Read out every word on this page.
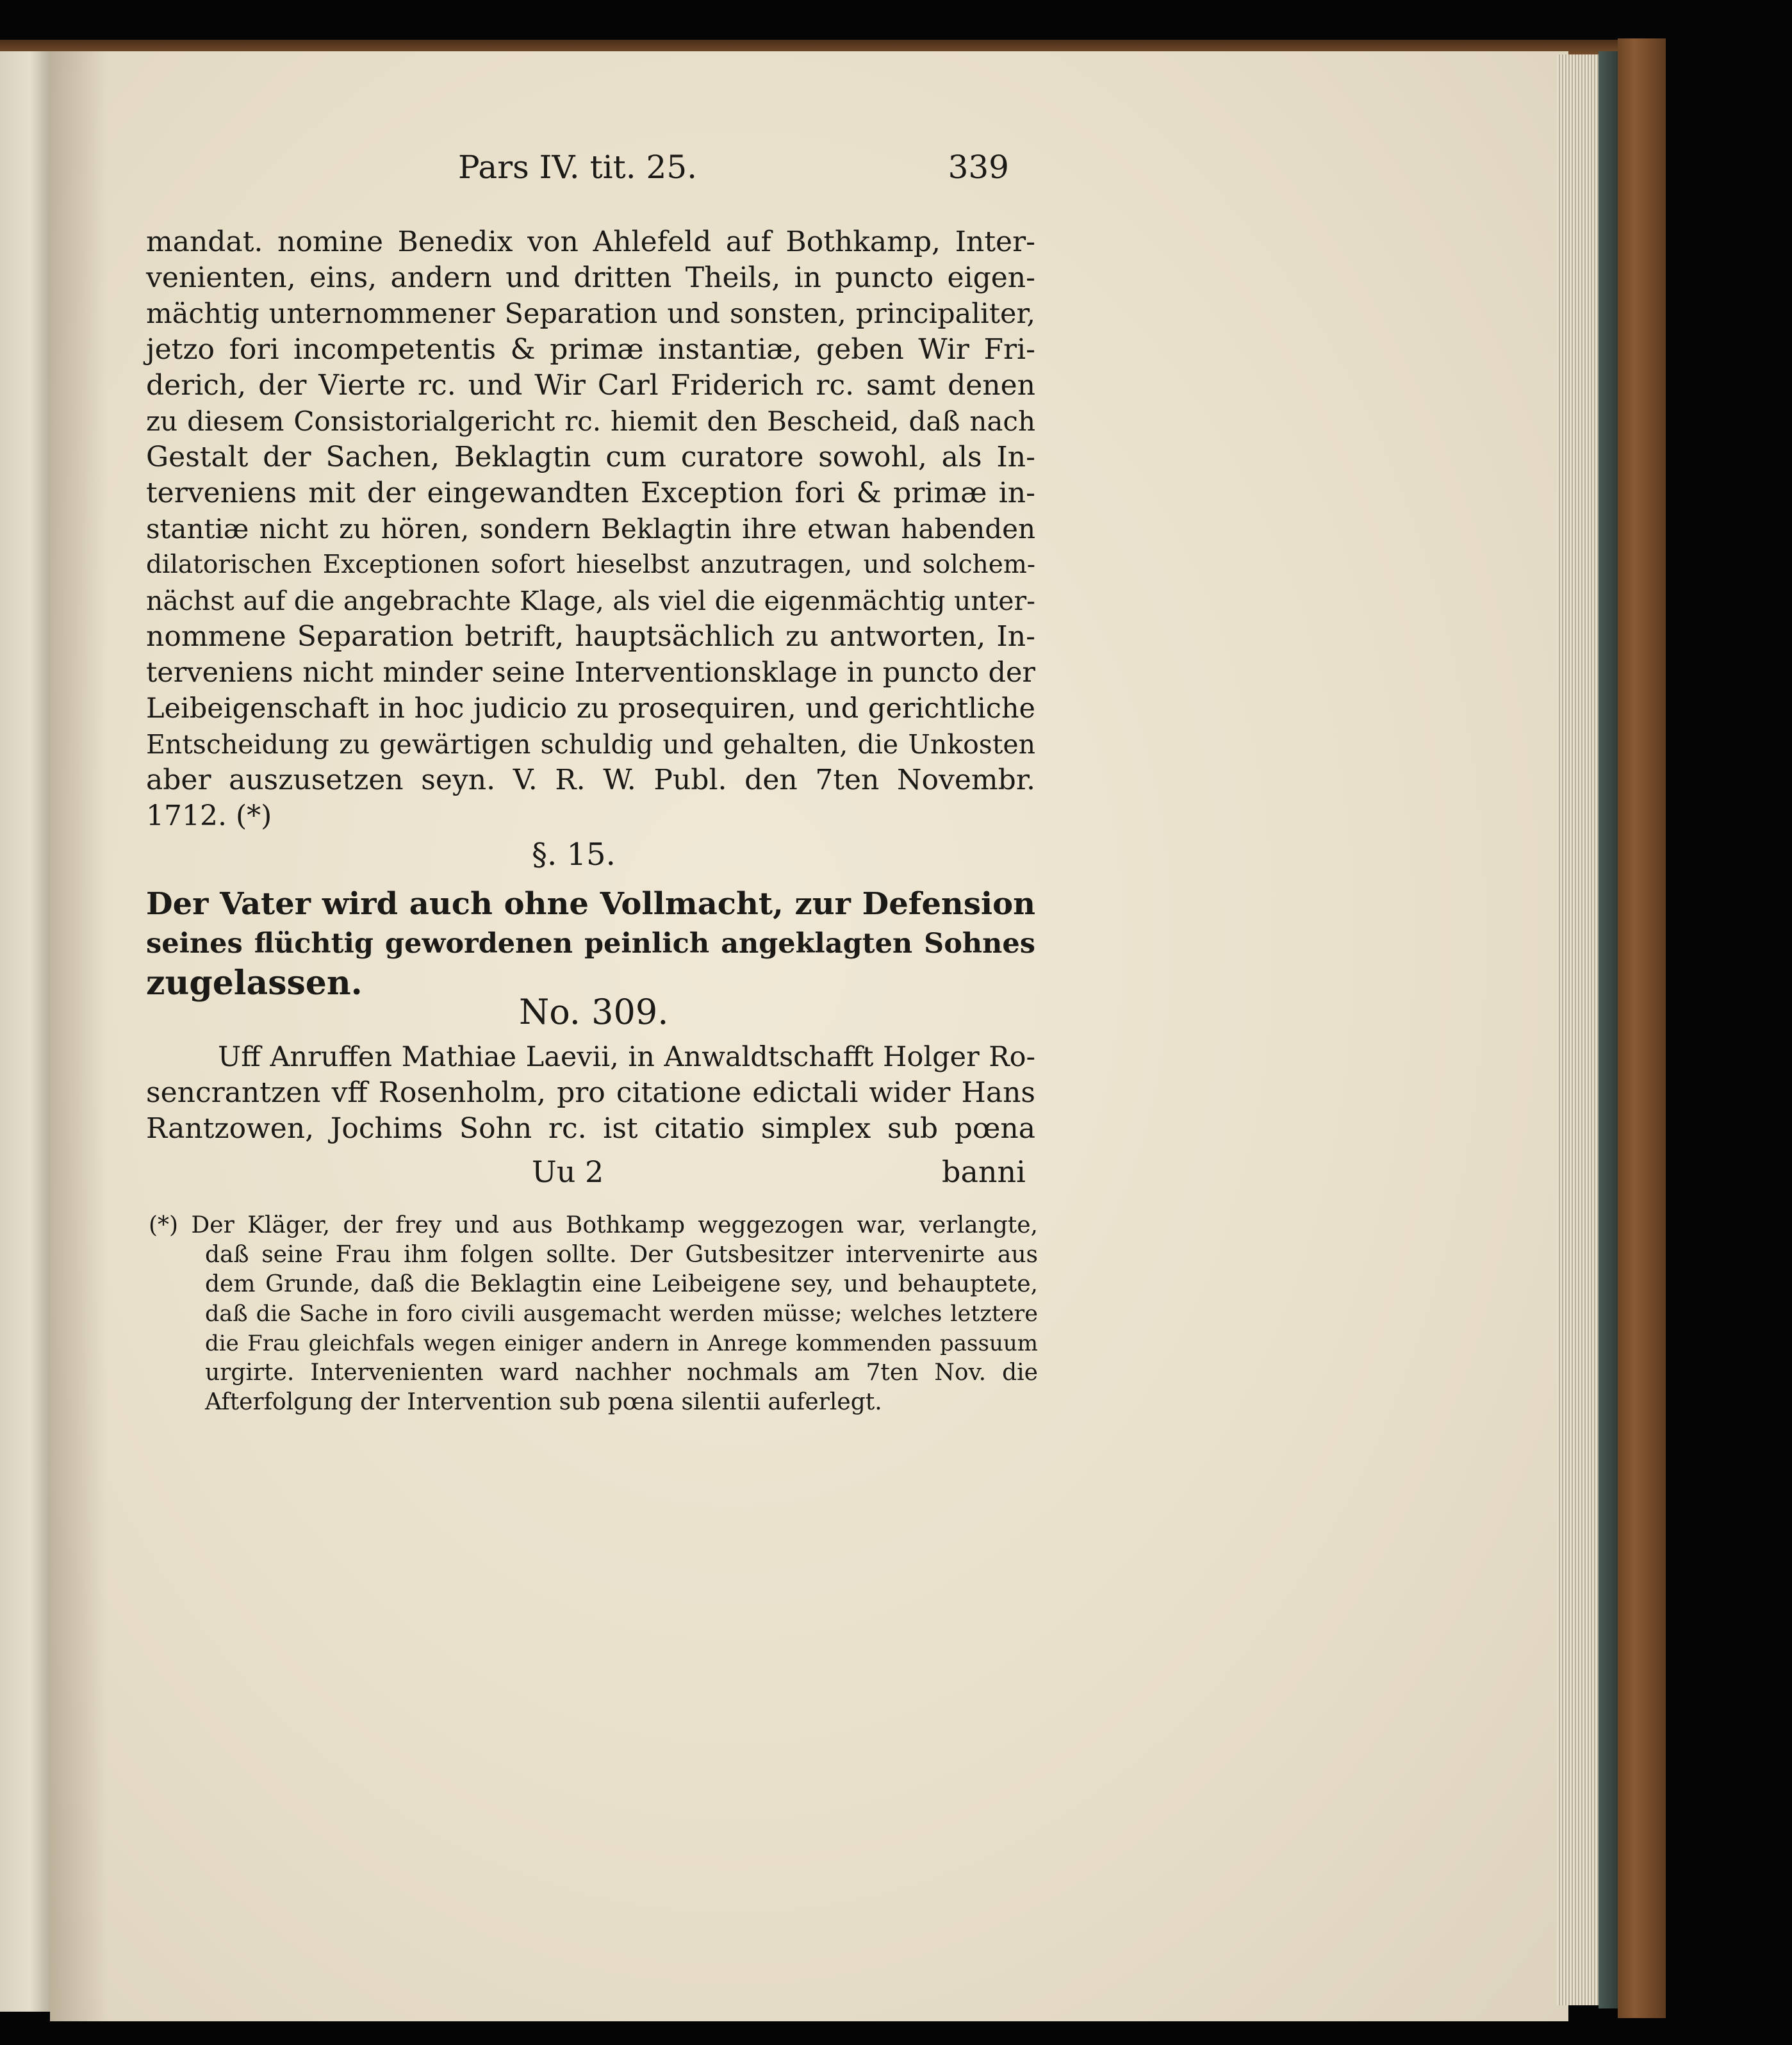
Pars IV. tit. 25.	339
mandat. nomine Benedix von Ahlefeld auf Bothkamp, Inter-
venienten, eins, andern und dritten Theils, in puncto eigen-
mächtig unternommener Separation und sonsten, principaliter,
jetzo fori incompetentis & primæ instantiæ, geben Wir Fri-
derich, der Vierte rc. und Wir Carl Friderich rc. samt denen
zu diesem Consistorialgericht rc. hiemit den Bescheid, daß nach
Gestalt der Sachen, Beklagtin cum curatore sowohl, als In-
terveniens mit der eingewandten Exception fori & primæ in-
stantiæ nicht zu hören, sondern Beklagtin ihre etwan habenden
dilatorischen Exceptionen sofort hieselbst anzutragen, und solchem-
nächst auf die angebrachte Klage, als viel die eigenmächtig unter-
nommene Separation betrift, hauptsächlich zu antworten, In-
terveniens nicht minder seine Interventionsklage in puncto der
Leibeigenschaft in hoc judicio zu prosequiren, und gerichtliche
Entscheidung zu gewärtigen schuldig und gehalten, die Unkosten
aber auszusetzen seyn. V. R. W. Publ. den 7ten Novembr.
1712. (*)
§. 15.
Der Vater wird auch ohne Vollmacht, zur Defension
seines flüchtig gewordenen peinlich angeklagten Sohnes
zugelassen.
No. 309.
Uff Anruffen Mathiae Laevii, in Anwaldtschafft Holger Ro-
sencrantzen vff Rosenholm, pro citatione edictali wider Hans
Rantzowen, Jochims Sohn rc. ist citatio simplex sub pœna
Uu 2	banni
(*) Der Kläger, der frey und aus Bothkamp weggezogen war, verlangte,
daß seine Frau ihm folgen sollte. Der Gutsbesitzer intervenirte aus
dem Grunde, daß die Beklagtin eine Leibeigene sey, und behauptete,
daß die Sache in foro civili ausgemacht werden müsse; welches letztere
die Frau gleichfals wegen einiger andern in Anrege kommenden passuum
urgirte. Intervenienten ward nachher nochmals am 7ten Nov. die
Afterfolgung der Intervention sub pœna silentii auferlegt.
